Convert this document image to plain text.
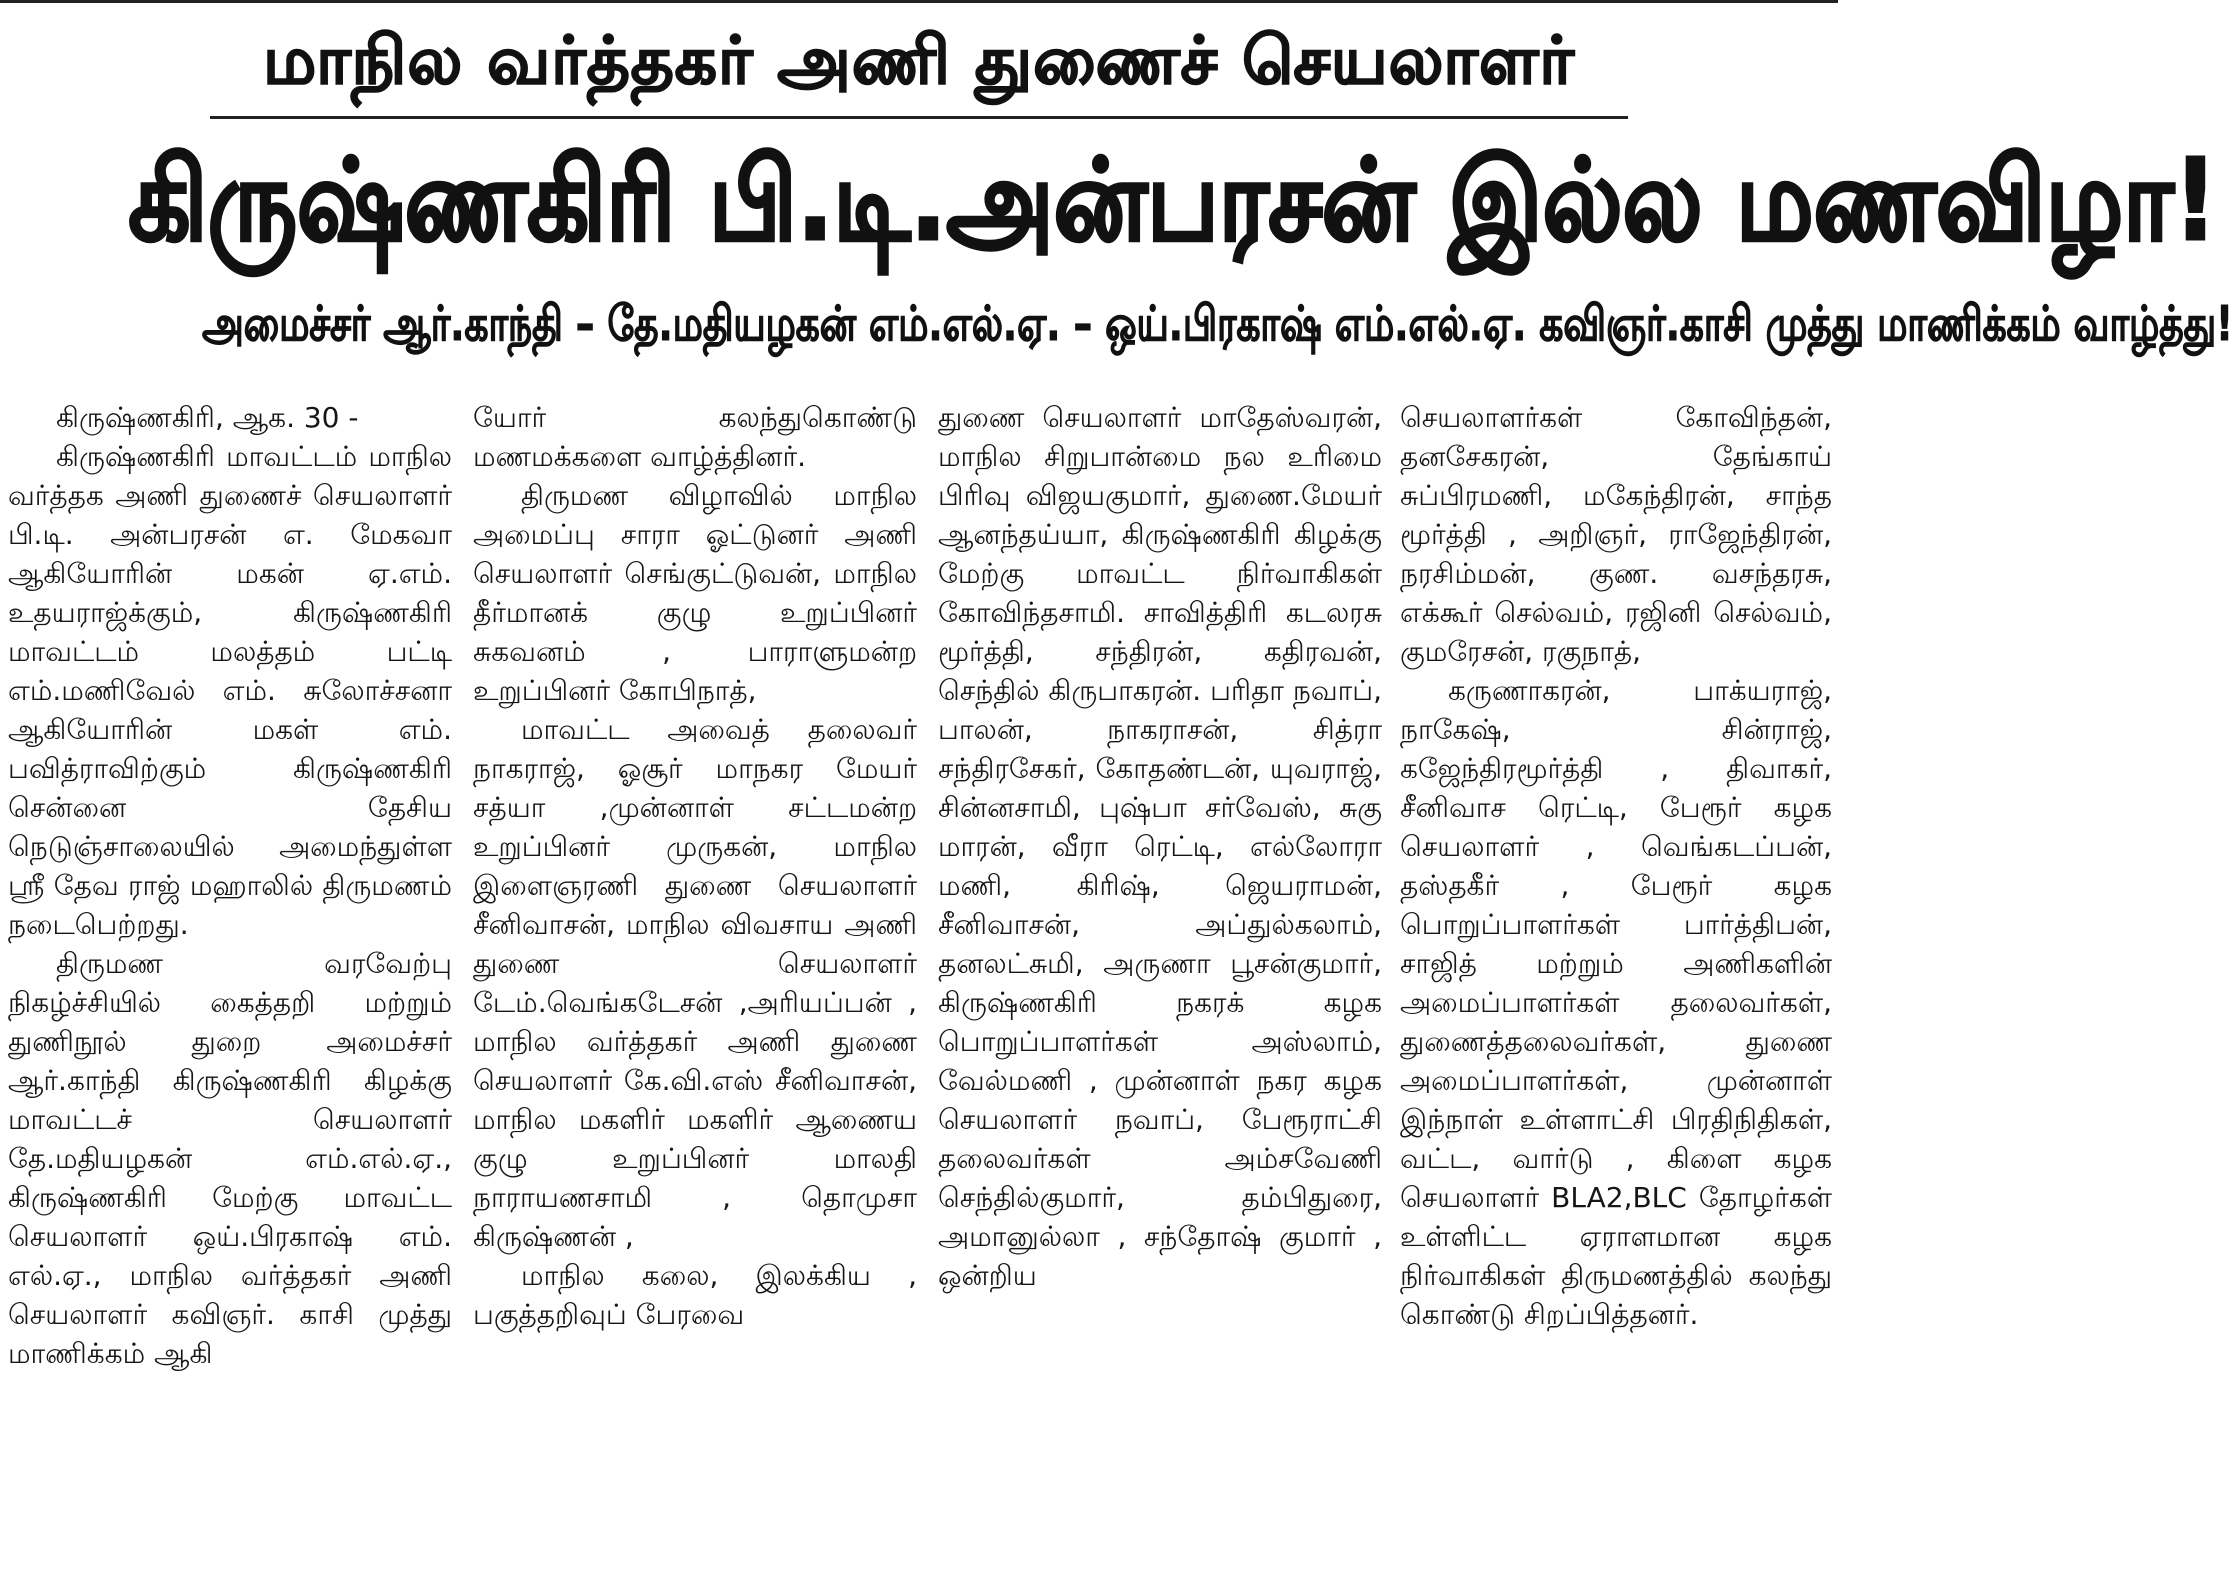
மாநில வர்த்தகர் அணி துணைச் செயலாளர்
கிருஷ்ணகிரி பி.டி.அன்பரசன் இல்ல மணவிழா!
அமைச்சர் ஆர்.காந்தி – தே.மதியழகன் எம்.எல்.ஏ. – ஒய்.பிரகாஷ் எம்.எல்.ஏ. கவிஞர்.காசி முத்து மாணிக்கம் வாழ்த்து!

கிருஷ்ணகிரி, ஆக. 30 -

கிருஷ்ணகிரி மாவட்டம் மாநில வர்த்தக அணி துணைச் செயலாளர் பி.டி. அன்பரசன் எ. மேகவா ஆகியோரின் மகன் ஏ.எம். உதயராஜ்க்கும், கிருஷ்ணகிரி மாவட்டம் மலத்தம் பட்டி எம்.மணிவேல் எம். சுலோச்சனா ஆகியோரின் மகள் எம். பவித்ராவிற்கும் கிருஷ்ணகிரி சென்னை தேசிய நெடுஞ்சாலையில் அமைந்துள்ள ஸ்ரீ தேவ ராஜ் மஹாலில் திருமணம் நடைபெற்றது.

திருமண வரவேற்பு நிகழ்ச்சியில் கைத்தறி மற்றும் துணிநூல் துறை அமைச்சர் ஆர்.காந்தி கிருஷ்ணகிரி கிழக்கு மாவட்டச் செயலாளர் தே.மதியழகன் எம்.எல்.ஏ., கிருஷ்ணகிரி மேற்கு மாவட்ட செயலாளர் ஒய்.பிரகாஷ் எம். எல்.ஏ., மாநில வர்த்தகர் அணி செயலாளர் கவிஞர். காசி முத்து மாணிக்கம் ஆகி

யோர் கலந்துகொண்டு மணமக்களை வாழ்த்தினர்.

திருமண விழாவில் மாநில அமைப்பு சாரா ஓட்டுனர் அணி செயலாளர் செங்குட்டுவன், மாநில தீர்மானக் குழு உறுப்பினர் சுகவனம் , பாராளுமன்ற உறுப்பினர் கோபிநாத்,

மாவட்ட அவைத் தலைவர் நாகராஜ், ஓசூர் மாநகர மேயர் சத்யா ,முன்னாள் சட்டமன்ற உறுப்பினர் முருகன், மாநில இளைஞரணி துணை செயலாளர் சீனிவாசன், மாநில விவசாய அணி துணை செயலாளர் டேம்.வெங்கடேசன் ,அரியப்பன் , மாநில வர்த்தகர் அணி துணை செயலாளர் கே.வி.எஸ் சீனிவாசன், மாநில மகளிர் மகளிர் ஆணைய குழு உறுப்பினர் மாலதி நாராயணசாமி , தொமுசா கிருஷ்ணன் ,

மாநில கலை, இலக்கிய , பகுத்தறிவுப் பேரவை

துணை செயலாளர் மாதேஸ்வரன், மாநில சிறுபான்மை நல உரிமை பிரிவு விஜயகுமார், துணை.மேயர் ஆனந்தய்யா, கிருஷ்ணகிரி கிழக்கு மேற்கு மாவட்ட நிர்வாகிகள் கோவிந்தசாமி. சாவித்திரி கடலரசு மூர்த்தி, சந்திரன், கதிரவன், செந்தில் கிருபாகரன். பரிதா நவாப், பாலன், நாகராசன், சித்ரா சந்திரசேகர், கோதண்டன், யுவராஜ், சின்னசாமி, புஷ்பா சர்வேஸ், சுகு மாரன், வீரா ரெட்டி, எல்லோரா மணி, கிரிஷ், ஜெயராமன், சீனிவாசன், அப்துல்கலாம், தனலட்சுமி, அருணா பூசன்குமார், கிருஷ்ணகிரி நகரக் கழக பொறுப்பாளர்கள் அஸ்லாம், வேல்மணி , முன்னாள் நகர கழக செயலாளர் நவாப், பேரூராட்சி தலைவர்கள் அம்சவேணி செந்தில்குமார், தம்பிதுரை, அமானுல்லா , சந்தோஷ் குமார் , ஒன்றிய

செயலாளர்கள் கோவிந்தன், தனசேகரன், தேங்காய் சுப்பிரமணி, மகேந்திரன், சாந்த மூர்த்தி , அறிஞர், ராஜேந்திரன், நரசிம்மன், குண. வசந்தரசு, எக்கூர் செல்வம், ரஜினி செல்வம், குமரேசன், ரகுநாத்,

கருணாகரன், பாக்யராஜ், நாகேஷ், சின்ராஜ், கஜேந்திரமூர்த்தி , திவாகர், சீனிவாச ரெட்டி, பேரூர் கழக செயலாளர் , வெங்கடப்பன், தஸ்தகீர் , பேரூர் கழக பொறுப்பாளர்கள் பார்த்திபன், சாஜித் மற்றும் அணிகளின் அமைப்பாளர்கள் தலைவர்கள், துணைத்தலைவர்கள், துணை அமைப்பாளர்கள், முன்னாள் இந்நாள் உள்ளாட்சி பிரதிநிதிகள், வட்ட, வார்டு , கிளை கழக செயலாளர் BLA2,BLC தோழர்கள் உள்ளிட்ட ஏராளமான கழக நிர்வாகிகள் திருமணத்தில் கலந்து கொண்டு சிறப்பித்தனர்.
